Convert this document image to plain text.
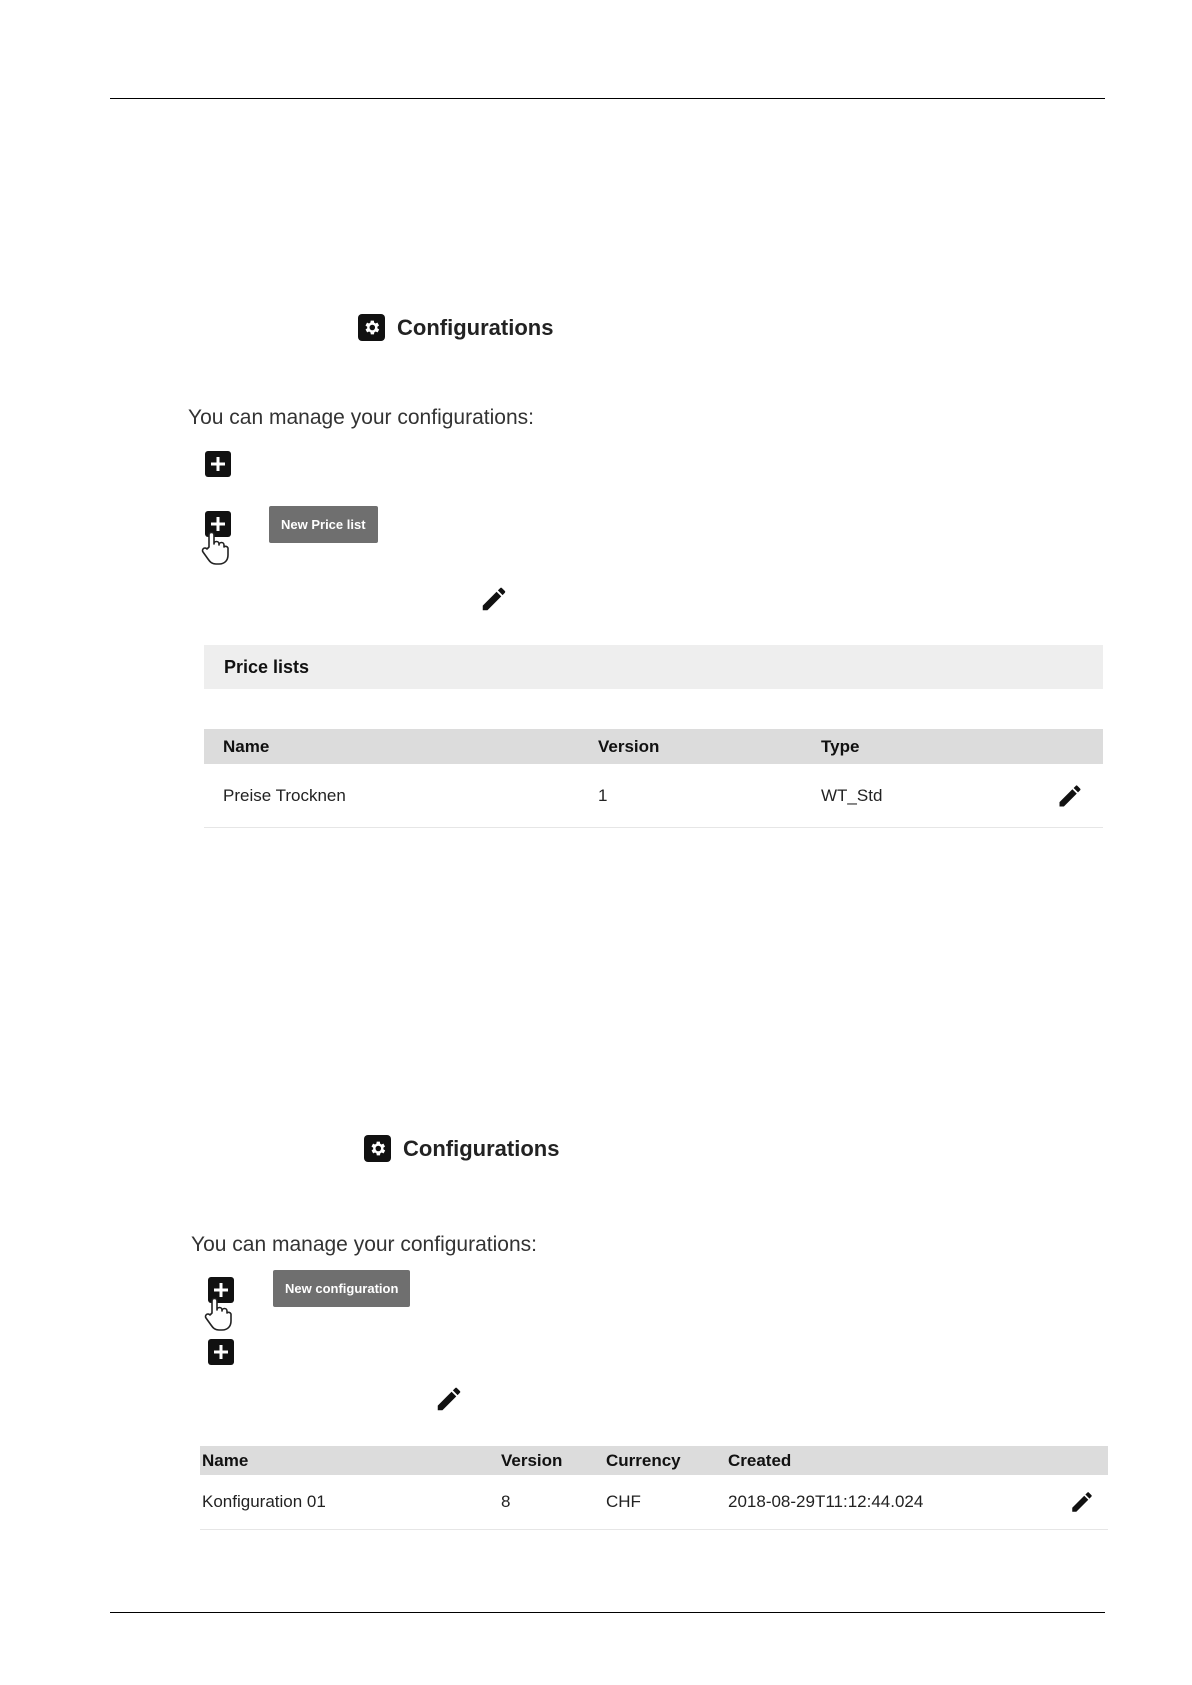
Configurations
You can manage your configurations:
New Price list
Price lists
Name	Version	Type
Preise Trocknen	1	WT_Std
Configurations
You can manage your configurations:
New configuration
Name	Version	Currency	Created
Konfiguration 01	8	CHF	2018-08-29T11:12:44.024
